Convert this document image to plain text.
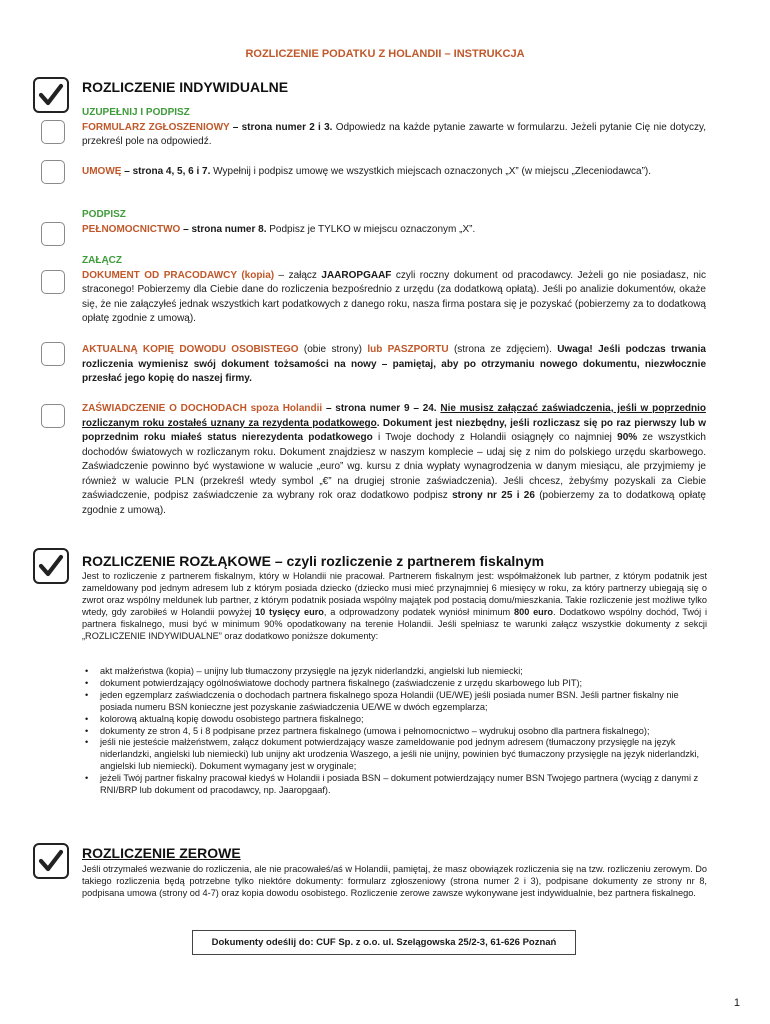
ROZLICZENIE PODATKU Z HOLANDII – INSTRUKCJA
ROZLICZENIE INDYWIDUALNE
UZUPEŁNIJ I PODPISZ
FORMULARZ ZGŁOSZENIOWY – strona numer 2 i 3. Odpowiedz na każde pytanie zawarte w formularzu. Jeżeli pytanie Cię nie dotyczy, przekreśl pole na odpowiedź.
UMOWĘ – strona 4, 5, 6 i 7. Wypełnij i podpisz umowę we wszystkich miejscach oznaczonych „X” (w miejscu „Zleceniodawca”).
PODPISZ
PEŁNOMOCNICTWO – strona numer 8. Podpisz je TYLKO w miejscu oznaczonym „X”.
ZAŁĄCZ
DOKUMENT OD PRACODAWCY (kopia) – załącz JAAROPGAAF czyli roczny dokument od pracodawcy. Jeżeli go nie posiadasz, nic straconego! Pobierzemy dla Ciebie dane do rozliczenia bezpośrednio z urzędu (za dodatkową opłatą). Jeśli po analizie dokumentów, okaże się, że nie załączyłeś jednak wszystkich kart podatkowych z danego roku, nasza firma postara się je pozyskać (pobierzemy za to dodatkową opłatę zgodnie z umową).
AKTUALNĄ KOPIĘ DOWODU OSOBISTEGO (obie strony) lub PASZPORTU (strona ze zdjęciem). Uwaga! Jeśli podczas trwania rozliczenia wymienisz swój dokument tożsamości na nowy – pamiętaj, aby po otrzymaniu nowego dokumentu, niezwłocznie przesłać jego kopię do naszej firmy.
ZAŚWIADCZENIE O DOCHODACH spoza Holandii – strona numer 9 – 24. Nie musisz załączać zaświadczenia, jeśli w poprzednio rozliczanym roku zostałeś uznany za rezydenta podatkowego. Dokument jest niezbędny, jeśli rozliczasz się po raz pierwszy lub w poprzednim roku miałeś status nierezydenta podatkowego i Twoje dochody z Holandii osiągnęły co najmniej 90% ze wszystkich dochodów światowych w rozliczanym roku. Dokument znajdziesz w naszym komplecie – udaj się z nim do polskiego urzędu skarbowego. Zaświadczenie powinno być wystawione w walucie „euro” wg. kursu z dnia wypłaty wynagrodzenia w danym miesiącu, ale przyjmiemy je również w walucie PLN (przekreśl wtedy symbol „€” na drugiej stronie zaświadczenia). Jeśli chcesz, żebyśmy pozyskali za Ciebie zaświadczenie, podpisz zaświadczenie za wybrany rok oraz dodatkowo podpisz strony nr 25 i 26 (pobierzemy za to dodatkową opłatę zgodnie z umową).
ROZLICZENIE ROZŁĄKOWE – czyli rozliczenie z partnerem fiskalnym
Jest to rozliczenie z partnerem fiskalnym, który w Holandii nie pracował. Partnerem fiskalnym jest: współmałżonek lub partner, z którym podatnik jest zameldowany pod jednym adresem lub z którym posiada dziecko (dziecko musi mieć przynajmniej 6 miesięcy w roku, za który partnerzy ubiegają się o zwrot oraz wspólny meldunek lub partner, z którym podatnik posiada wspólny majątek pod postacią domu/mieszkania. Takie rozliczenie jest możliwe tylko wtedy, gdy zarobiłeś w Holandii powyżej 10 tysięcy euro, a odprowadzony podatek wyniósł minimum 800 euro. Dodatkowo wspólny dochód, Twój i partnera fiskalnego, musi być w minimum 90% opodatkowany na terenie Holandii. Jeśli spełniasz te warunki załącz wszystkie dokumenty z sekcji „ROZLICZENIE INDYWIDUALNE” oraz dodatkowo poniższe dokumenty:
• akt małżeństwa (kopia) – unijny lub tłumaczony przysięgle na język niderlandzki, angielski lub niemiecki;
• dokument potwierdzający ogólnoświatowe dochody partnera fiskalnego (zaświadczenie z urzędu skarbowego lub PIT);
• jeden egzemplarz zaświadczenia o dochodach partnera fiskalnego spoza Holandii (UE/WE) jeśli posiada numer BSN. Jeśli partner fiskalny nie posiada numeru BSN konieczne jest pozyskanie zaświadczenia UE/WE w dwóch egzemplarza;
• kolorową aktualną kopię dowodu osobistego partnera fiskalnego;
• dokumenty ze stron 4, 5 i 8 podpisane przez partnera fiskalnego (umowa i pełnomocnictwo – wydrukuj osobno dla partnera fiskalnego);
• jeśli nie jesteście małżeństwem, załącz dokument potwierdzający wasze zameldowanie pod jednym adresem (tłumaczony przysięgle na język niderlandzki, angielski lub niemiecki) lub unijny akt urodzenia Waszego, a jeśli nie unijny, powinien być tłumaczony przysięgle na język niderlandzki, angielski lub niemiecki). Dokument wymagany jest w oryginale;
• jeżeli Twój partner fiskalny pracował kiedyś w Holandii i posiada BSN – dokument potwierdzający numer BSN Twojego partnera (wyciąg z danymi z RNI/BRP lub dokument od pracodawcy, np. Jaaropgaaf).
ROZLICZENIE ZEROWE
Jeśli otrzymałeś wezwanie do rozliczenia, ale nie pracowałeś/aś w Holandii, pamiętaj, że masz obowiązek rozliczenia się na tzw. rozliczeniu zerowym. Do takiego rozliczenia będą potrzebne tylko niektóre dokumenty: formularz zgłoszeniowy (strona numer 2 i 3), podpisane dokumenty ze strony nr 8, podpisana umowa (strony od 4-7) oraz kopia dowodu osobistego. Rozliczenie zerowe zawsze wykonywane jest indywidualnie, bez partnera fiskalnego.
Dokumenty odeślij do: CUF Sp. z o.o. ul. Szelągowska 25/2-3, 61-626 Poznań
1
